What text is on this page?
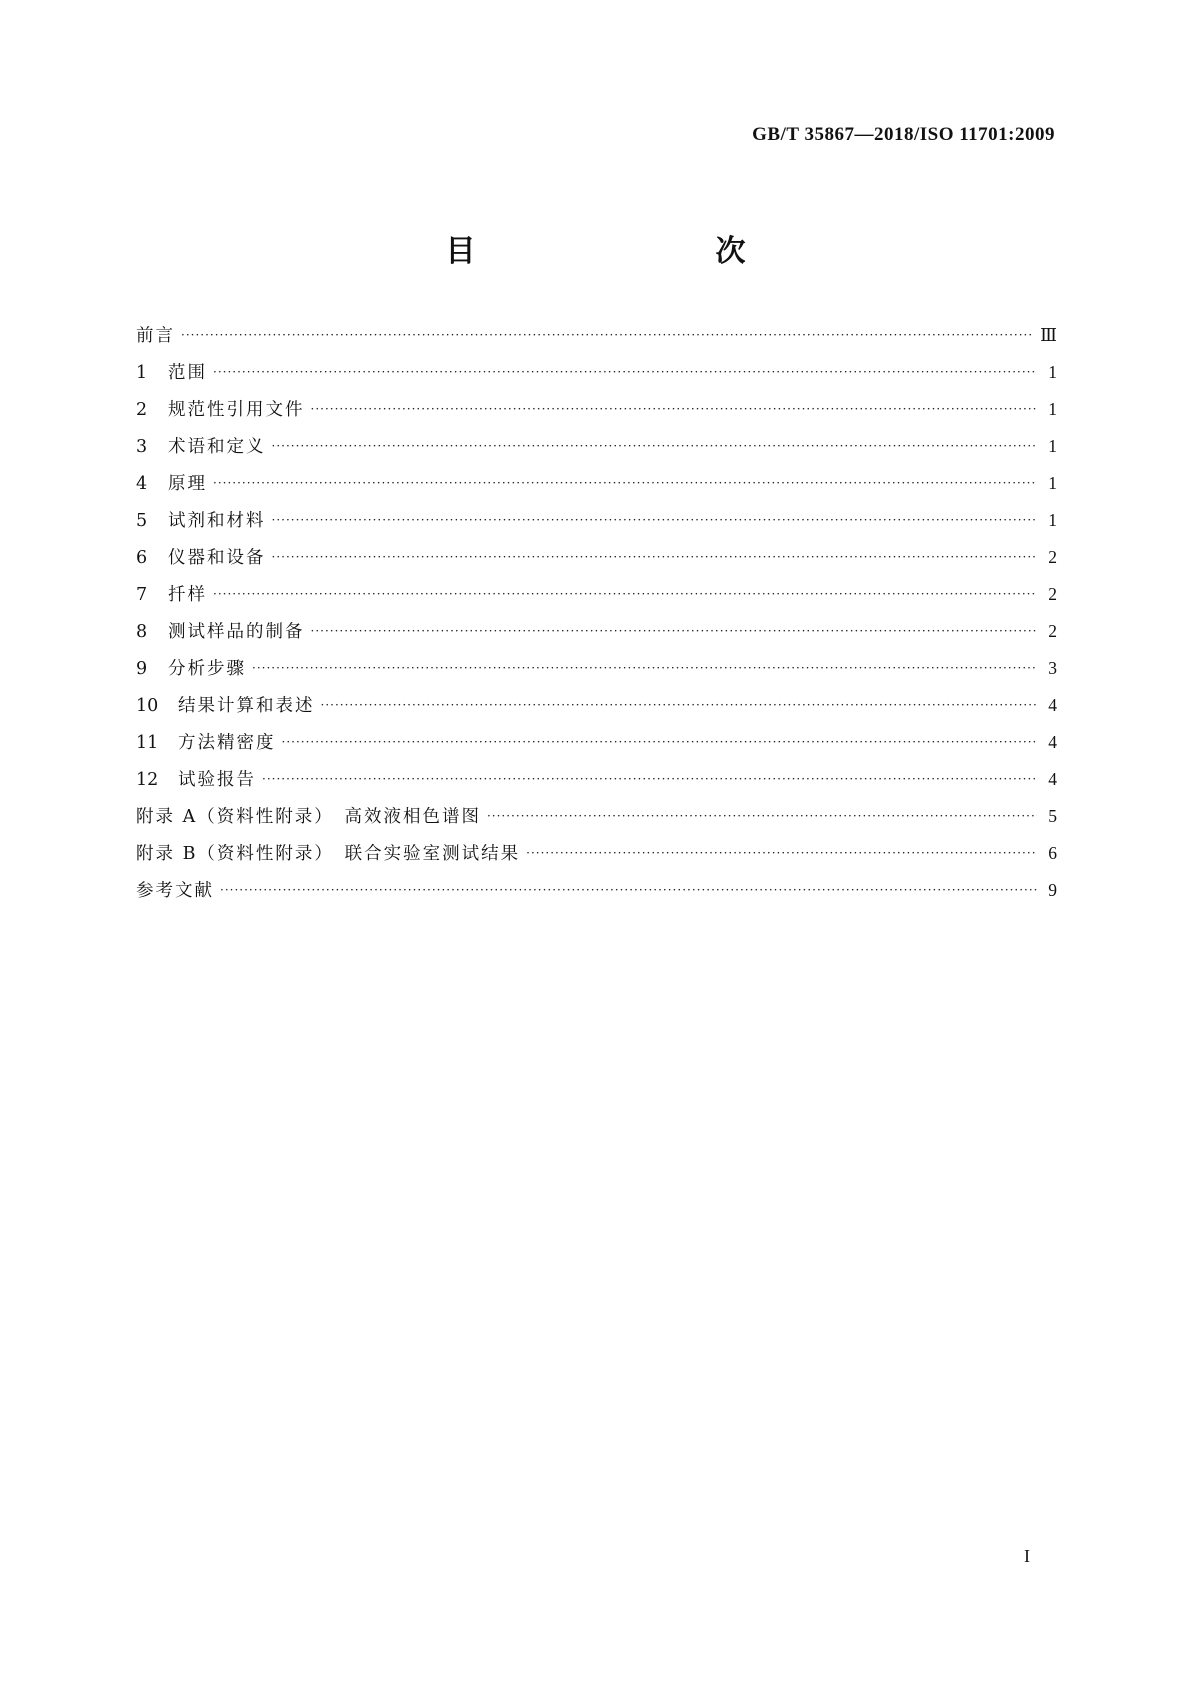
GB/T 35867—2018/ISO 11701:2009
目　　次
前言 ·····	Ⅲ
1	范围 ·····	1
2	规范性引用文件 ·····	1
3	术语和定义 ·····	1
4	原理 ·····	1
5	试剂和材料 ·····	1
6	仪器和设备 ·····	2
7	扦样 ·····	2
8	测试样品的制备 ·····	2
9	分析步骤 ·····	3
10	结果计算和表述 ·····	4
11	方法精密度 ·····	4
12	试验报告 ·····	4
附录 A（资料性附录）　高效液相色谱图 ·····	5
附录 B（资料性附录）　联合实验室测试结果 ·····	6
参考文献 ·····	9
I
